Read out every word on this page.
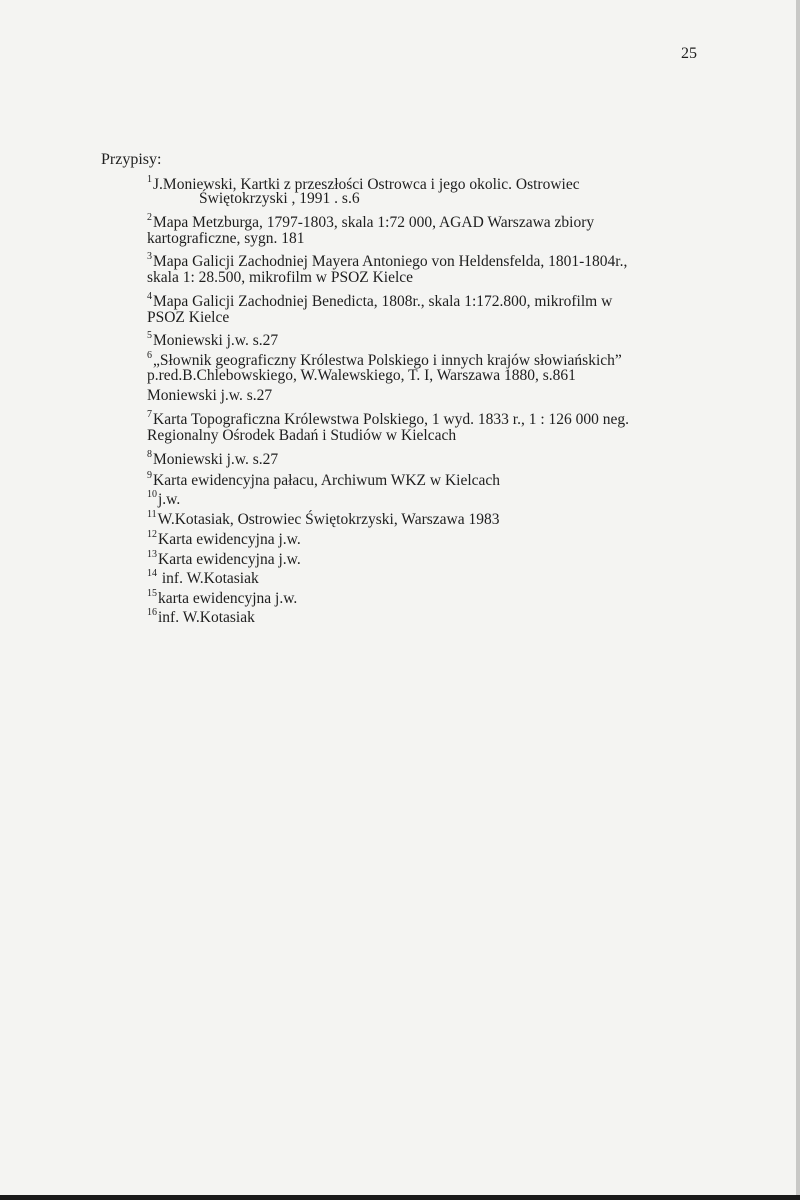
25
Przypisy:
$^1$J.Moniewski, Kartki z przeszłości Ostrowca i jego okolic. Ostrowiec
Świętokrzyski , 1991 . s.6
$^2$Mapa Metzburga, 1797-1803, skala 1:72 000, AGAD Warszawa zbiory
kartograficzne, sygn. 181
$^3$Mapa Galicji Zachodniej Mayera Antoniego von Heldensfelda, 1801-1804r.,
skala 1: 28.500, mikrofilm w PSOZ Kielce
$^4$Mapa Galicji Zachodniej Benedicta, 1808r., skala 1:172.800, mikrofilm w
PSOZ Kielce
$^5$Moniewski j.w. s.27
$^6$„Słownik geograficzny Królestwa Polskiego i innych krajów słowiańskich”
p.red.B.Chlebowskiego, W.Walewskiego, T. I, Warszawa 1880, s.861
Moniewski j.w. s.27
$^7$Karta Topograficzna Królewstwa Polskiego, 1 wyd. 1833 r., 1 : 126 000 neg.
Regionalny Ośrodek Badań i Studiów w Kielcach
$^8$Moniewski j.w. s.27
$^9$Karta ewidencyjna pałacu, Archiwum WKZ w Kielcach
$^{10}$j.w.
$^{11}$W.Kotasiak, Ostrowiec Świętokrzyski, Warszawa 1983
$^{12}$Karta ewidencyjna j.w.
$^{13}$Karta ewidencyjna j.w.
$^{14}$ inf. W.Kotasiak
$^{15}$karta ewidencyjna j.w.
$^{16}$inf. W.Kotasiak
